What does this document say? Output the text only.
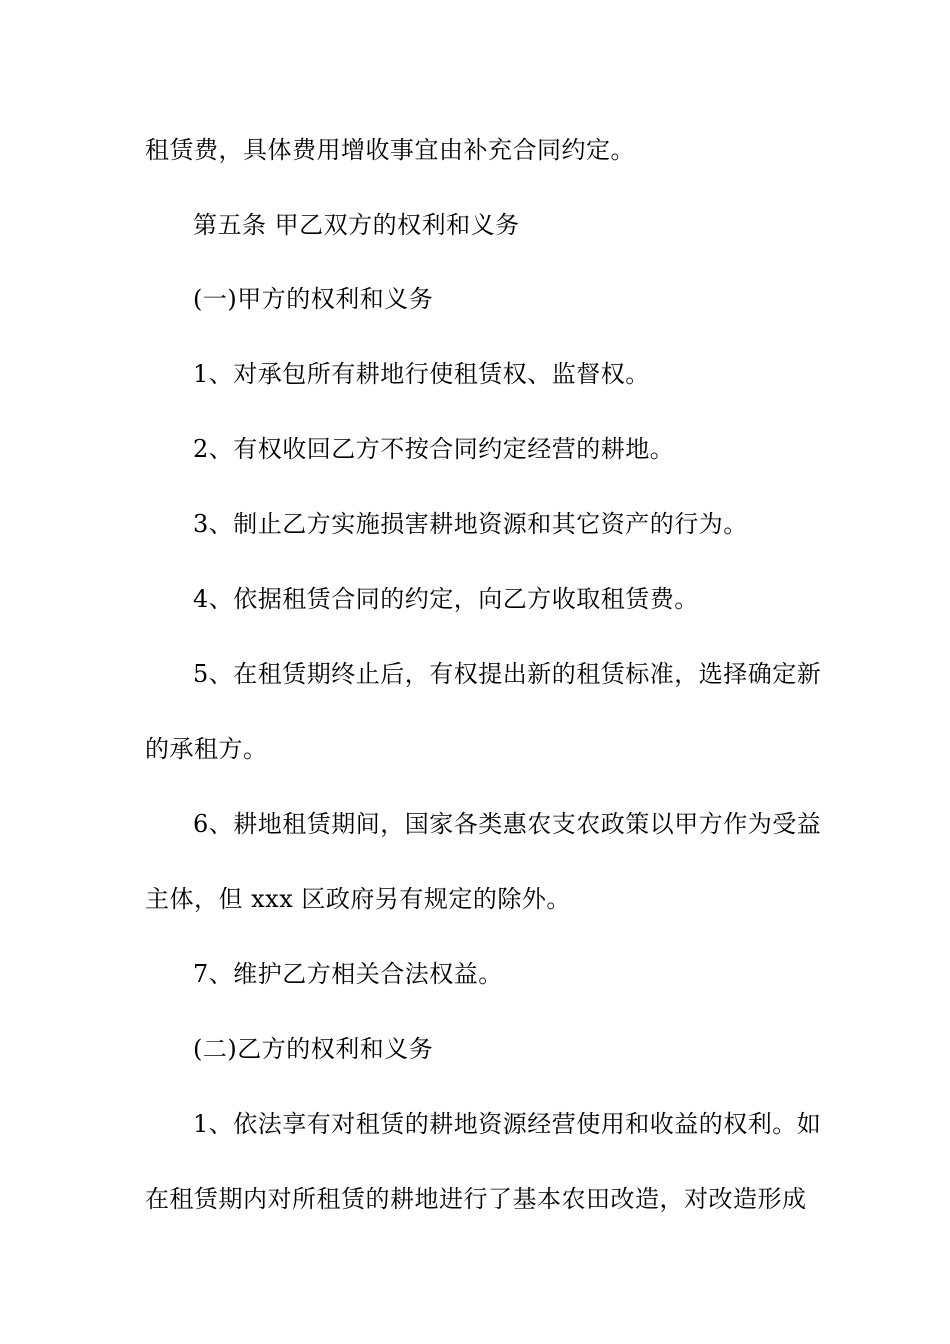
租赁费，具体费用增收事宜由补充合同约定。
第五条 甲乙双方的权利和义务
(一)甲方的权利和义务
1、对承包所有耕地行使租赁权、监督权。
2、有权收回乙方不按合同约定经营的耕地。
3、制止乙方实施损害耕地资源和其它资产的行为。
4、依据租赁合同的约定，向乙方收取租赁费。
5、在租赁期终止后，有权提出新的租赁标准，选择确定新
的承租方。
6、耕地租赁期间，国家各类惠农支农政策以甲方作为受益
主体，但 xxx 区政府另有规定的除外。
7、维护乙方相关合法权益。
(二)乙方的权利和义务
1、依法享有对租赁的耕地资源经营使用和收益的权利。如
在租赁期内对所租赁的耕地进行了基本农田改造，对改造形成
